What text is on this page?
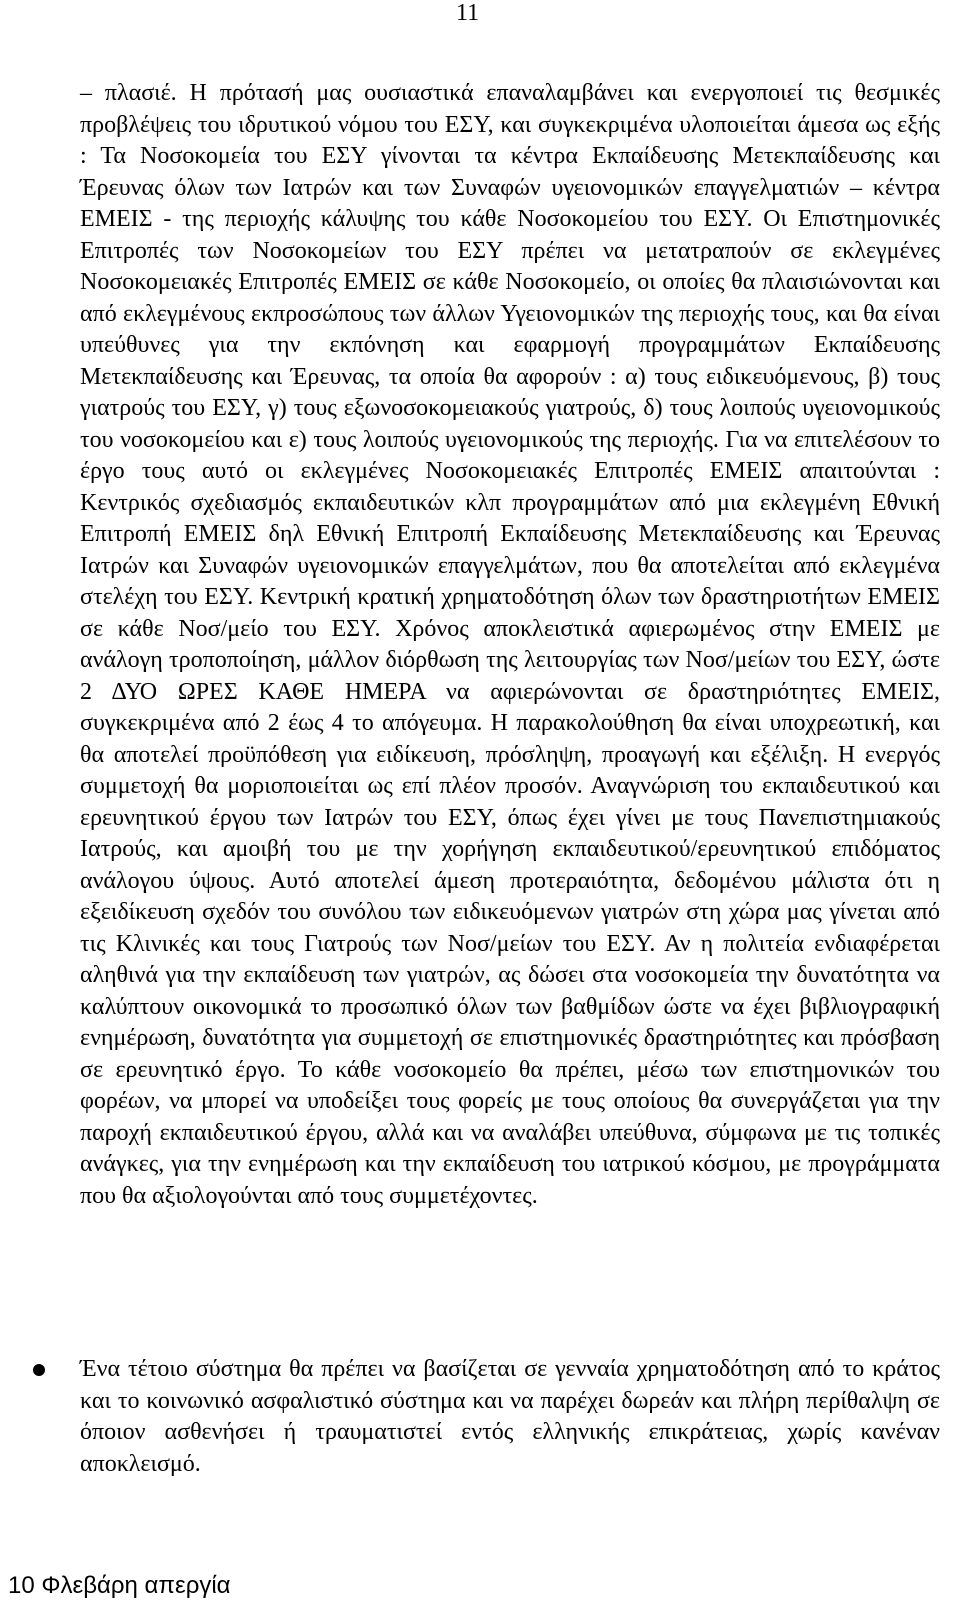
11

– πλασιέ. Η πρότασή μας ουσιαστικά επαναλαμβάνει και ενεργοποιεί τις θεσμικές προβλέψεις του ιδρυτικού νόμου του ΕΣΥ, και συγκεκριμένα υλοποιείται άμεσα ως εξής : Τα Νοσοκομεία του ΕΣΥ γίνονται τα κέντρα Εκπαίδευσης Μετεκπαίδευσης και Έρευνας όλων των Ιατρών και των Συναφών υγειονομικών επαγγελματιών – κέντρα ΕΜΕΙΣ - της περιοχής κάλυψης του κάθε Νοσοκομείου του ΕΣΥ. Οι Επιστημονικές Επιτροπές των Νοσοκομείων του ΕΣΥ πρέπει να μετατραπούν σε εκλεγμένες Νοσοκομειακές Επιτροπές ΕΜΕΙΣ σε κάθε Νοσοκομείο, οι οποίες θα πλαισιώνονται και από εκλεγμένους εκπροσώπους των άλλων Υγειονομικών της περιοχής τους, και θα είναι υπεύθυνες για την εκπόνηση και εφαρμογή προγραμμάτων Εκπαίδευσης Μετεκπαίδευσης και Έρευνας, τα οποία θα αφορούν : α) τους ειδικευόμενους, β) τους γιατρούς του ΕΣΥ, γ) τους εξωνοσοκομειακούς γιατρούς, δ) τους λοιπούς υγειονομικούς του νοσοκομείου και ε) τους λοιπούς υγειονομικούς της περιοχής. Για να επιτελέσουν το έργο τους αυτό οι εκλεγμένες Νοσοκομειακές Επιτροπές ΕΜΕΙΣ απαιτούνται : Κεντρικός σχεδιασμός εκπαιδευτικών κλπ προγραμμάτων από μια εκλεγμένη Εθνική Επιτροπή ΕΜΕΙΣ δηλ Εθνική Επιτροπή Εκπαίδευσης Μετεκπαίδευσης και Έρευνας Ιατρών και Συναφών υγειονομικών επαγγελμάτων, που θα αποτελείται από εκλεγμένα στελέχη του ΕΣΥ. Κεντρική κρατική χρηματοδότηση όλων των δραστηριοτήτων ΕΜΕΙΣ σε κάθε Νοσ/μείο του ΕΣΥ. Χρόνος αποκλειστικά αφιερωμένος στην ΕΜΕΙΣ με ανάλογη τροποποίηση, μάλλον διόρθωση της λειτουργίας των Νοσ/μείων του ΕΣΥ, ώστε 2 ΔΥΟ ΩΡΕΣ ΚΑΘΕ ΗΜΕΡΑ να αφιερώνονται σε δραστηριότητες ΕΜΕΙΣ, συγκεκριμένα από 2 έως 4 το απόγευμα. Η παρακολούθηση θα είναι υποχρεωτική, και θα αποτελεί προϋπόθεση για ειδίκευση, πρόσληψη, προαγωγή και εξέλιξη. Η ενεργός συμμετοχή θα μοριοποιείται ως επί πλέον προσόν. Αναγνώριση του εκπαιδευτικού και ερευνητικού έργου των Ιατρών του ΕΣΥ, όπως έχει γίνει με τους Πανεπιστημιακούς Ιατρούς, και αμοιβή του με την χορήγηση εκπαιδευτικού/ερευνητικού επιδόματος ανάλογου ύψους. Αυτό αποτελεί άμεση προτεραιότητα, δεδομένου μάλιστα ότι η εξειδίκευση σχεδόν του συνόλου των ειδικευόμενων γιατρών στη χώρα μας γίνεται από τις Κλινικές και τους Γιατρούς των Νοσ/μείων του ΕΣΥ. Αν η πολιτεία ενδιαφέρεται αληθινά για την εκπαίδευση των γιατρών, ας δώσει στα νοσοκομεία την δυνατότητα να καλύπτουν οικονομικά το προσωπικό όλων των βαθμίδων ώστε να έχει βιβλιογραφική ενημέρωση, δυνατότητα για συμμετοχή σε επιστημονικές δραστηριότητες και πρόσβαση σε ερευνητικό έργο. Το κάθε νοσοκομείο θα πρέπει, μέσω των επιστημονικών του φορέων, να μπορεί να υποδείξει τους φορείς με τους οποίους θα συνεργάζεται για την παροχή εκπαιδευτικού έργου, αλλά και να αναλάβει υπεύθυνα, σύμφωνα με τις τοπικές ανάγκες, για την ενημέρωση και την εκπαίδευση του ιατρικού κόσμου, με προγράμματα που θα αξιολογούνται από τους συμμετέχοντες.

Ένα τέτοιο σύστημα θα πρέπει να βασίζεται σε γενναία χρηματοδότηση από το κράτος και το κοινωνικό ασφαλιστικό σύστημα και να παρέχει δωρεάν και πλήρη περίθαλψη σε όποιον ασθενήσει ή τραυματιστεί εντός ελληνικής επικράτειας, χωρίς κανέναν αποκλεισμό.
10 Φλεβάρη απεργία
